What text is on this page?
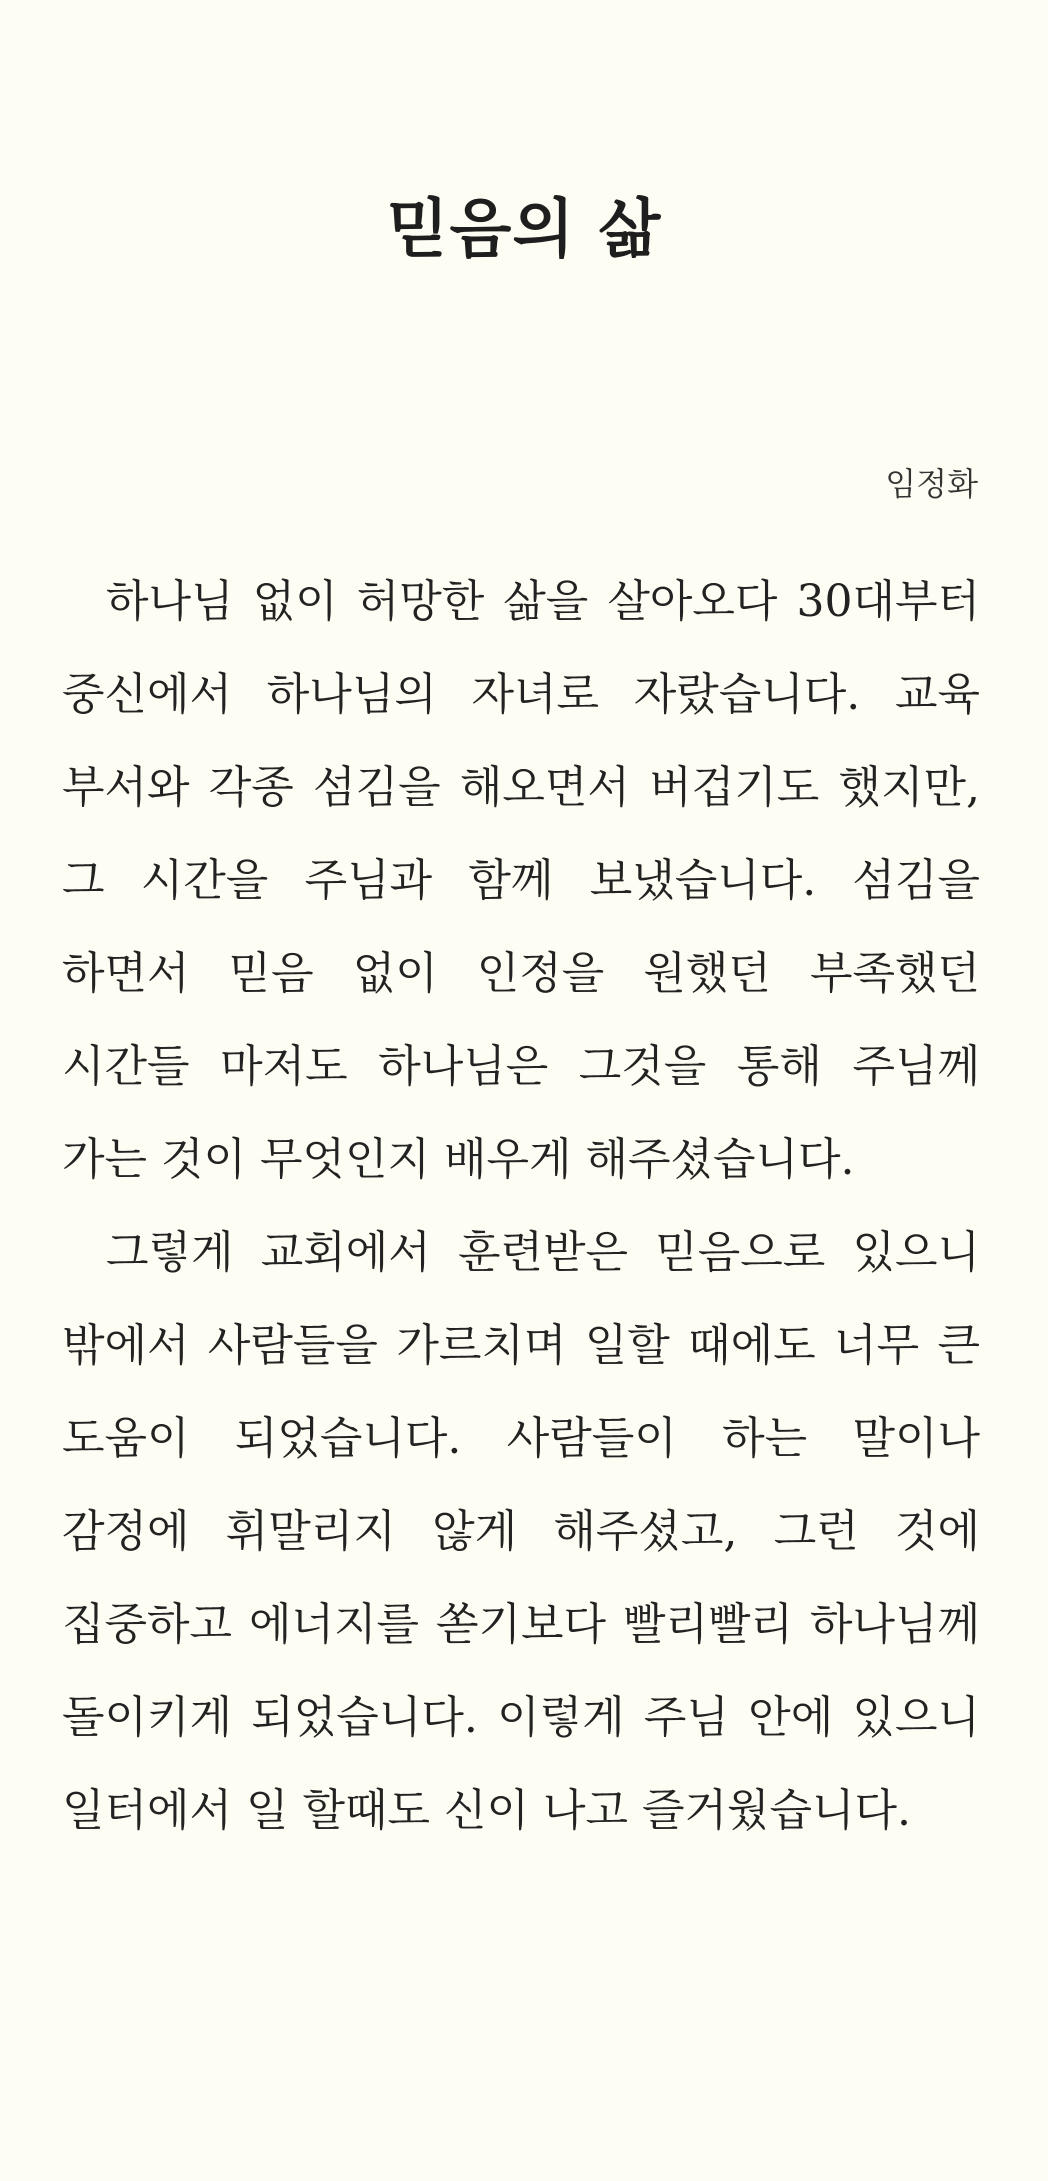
믿음의 삶
임정화

하나님 없이 허망한 삶을 살아오다 30대부터 중신에서 하나님의 자녀로 자랐습니다. 교육 부서와 각종 섬김을 해오면서 버겁기도 했지만, 그 시간을 주님과 함께 보냈습니다. 섬김을 하면서 믿음 없이 인정을 원했던 부족했던 시간들 마저도 하나님은 그것을 통해 주님께 가는 것이 무엇인지 배우게 해주셨습니다.

그렇게 교회에서 훈련받은 믿음으로 있으니 밖에서 사람들을 가르치며 일할 때에도 너무 큰 도움이 되었습니다. 사람들이 하는 말이나 감정에 휘말리지 않게 해주셨고, 그런 것에 집중하고 에너지를 쏟기보다 빨리빨리 하나님께 돌이키게 되었습니다. 이렇게 주님 안에 있으니 일터에서 일 할때도 신이 나고 즐거웠습니다.
